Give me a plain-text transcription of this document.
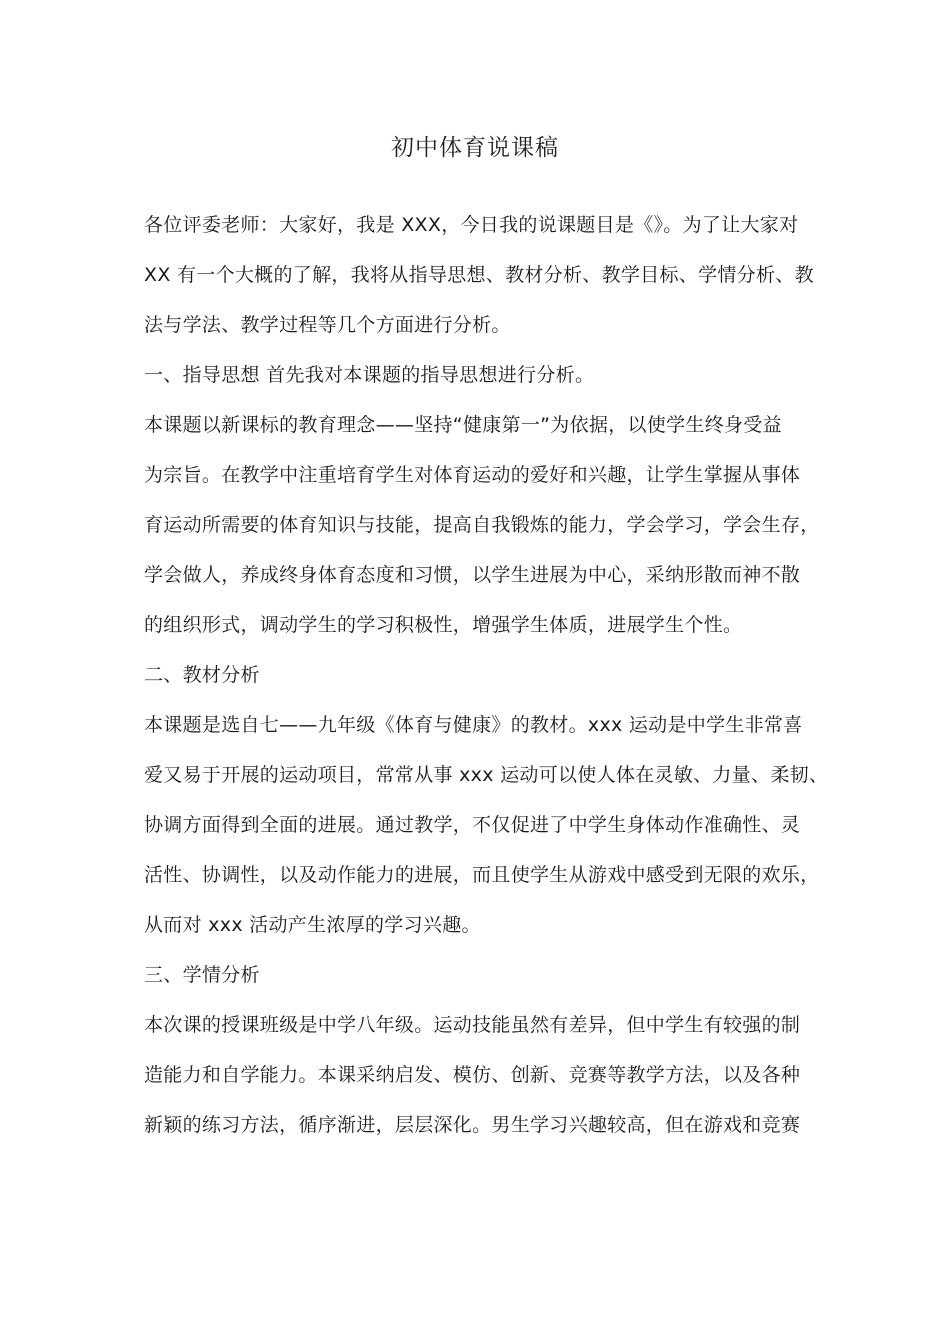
初中体育说课稿
各位评委老师：大家好，我是 XXX，今日我的说课题目是《》。为了让大家对
XX 有一个大概的了解，我将从指导思想、教材分析、教学目标、学情分析、教
法与学法、教学过程等几个方面进行分析。
一、指导思想 首先我对本课题的指导思想进行分析。
本课题以新课标的教育理念——坚持“健康第一”为依据，以使学生终身受益
为宗旨。在教学中注重培育学生对体育运动的爱好和兴趣，让学生掌握从事体
育运动所需要的体育知识与技能，提高自我锻炼的能力，学会学习，学会生存，
学会做人，养成终身体育态度和习惯，以学生进展为中心，采纳形散而神不散
的组织形式，调动学生的学习积极性，增强学生体质，进展学生个性。
二、教材分析
本课题是选自七——九年级《体育与健康》的教材。xxx 运动是中学生非常喜
爱又易于开展的运动项目，常常从事 xxx 运动可以使人体在灵敏、力量、柔韧、
协调方面得到全面的进展。通过教学，不仅促进了中学生身体动作准确性、灵
活性、协调性，以及动作能力的进展，而且使学生从游戏中感受到无限的欢乐，
从而对 xxx 活动产生浓厚的学习兴趣。
三、学情分析
本次课的授课班级是中学八年级。运动技能虽然有差异，但中学生有较强的制
造能力和自学能力。本课采纳启发、模仿、创新、竞赛等教学方法，以及各种
新颖的练习方法，循序渐进，层层深化。男生学习兴趣较高，但在游戏和竞赛
